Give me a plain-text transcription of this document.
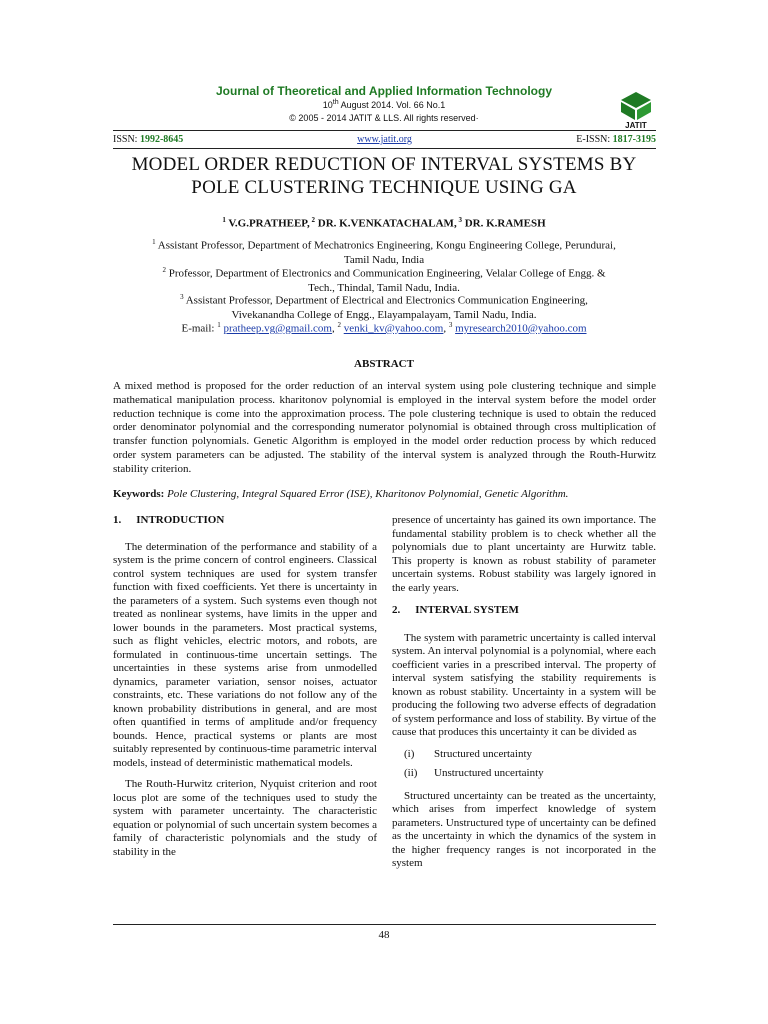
Journal of Theoretical and Applied Information Technology
10th August 2014. Vol. 66 No.1
© 2005 - 2014 JATIT & LLS. All rights reserved·
JATIT
ISSN: 1992-8645	www.jatit.org	E-ISSN: 1817-3195
MODEL ORDER REDUCTION OF INTERVAL SYSTEMS BY
POLE CLUSTERING TECHNIQUE USING GA
$^1$ V.G.PRATHEEP, $^2$ DR. K.VENKATACHALAM, $^3$ DR. K.RAMESH
$^1$ Assistant Professor, Department of Mechatronics Engineering, Kongu Engineering College, Perundurai,
Tamil Nadu, India
$^2$ Professor, Department of Electronics and Communication Engineering, Velalar College of Engg. &
Tech., Thindal, Tamil Nadu, India.
$^3$ Assistant Professor, Department of Electrical and Electronics Communication Engineering,
Vivekanandha College of Engg., Elayampalayam, Tamil Nadu, India.
E-mail: $^1$ pratheep.vg@gmail.com, $^2$ venki_kv@yahoo.com, $^3$ myresearch2010@yahoo.com
ABSTRACT
A mixed method is proposed for the order reduction of an interval system using pole clustering technique and simple mathematical manipulation process. kharitonov polynomial is employed in the interval system before the model order reduction technique is come into the approximation process. The pole clustering technique is used to obtain the reduced order denominator polynomial and the corresponding numerator polynomial is obtained through cross multiplication of transfer function polynomials. Genetic Algorithm is employed in the model order reduction process by which reduced order system parameters can be adjusted. The stability of the interval system is analyzed through the Routh-Hurwitz stability criterion.
Keywords: Pole Clustering, Integral Squared Error (ISE), Kharitonov Polynomial, Genetic Algorithm.
1. INTRODUCTION

The determination of the performance and stability of a system is the prime concern of control engineers. Classical control system techniques are used for system transfer function with fixed coefficients. Yet there is uncertainty in the parameters of a system. Such systems even though not treated as nonlinear systems, have limits in the upper and lower bounds in the parameters. Most practical systems, such as flight vehicles, electric motors, and robots, are formulated in continuous-time uncertain settings. The uncertainties in these systems arise from unmodelled dynamics, parameter variation, sensor noises, actuator constraints, etc. These variations do not follow any of the known probability distributions in general, and are most often quantified in terms of amplitude and/or frequency bounds. Hence, practical systems or plants are most suitably represented by continuous-time parametric interval models, instead of deterministic mathematical models.

The Routh-Hurwitz criterion, Nyquist criterion and root locus plot are some of the techniques used to study the system with parameter uncertainty. The characteristic equation or polynomial of such uncertain system becomes a family of characteristic polynomials and the study of stability in the

presence of uncertainty has gained its own importance. The fundamental stability problem is to check whether all the polynomials due to plant uncertainty are Hurwitz table. This property is known as robust stability of parameter uncertain systems. Robust stability was largely ignored in the early years.

2. INTERVAL SYSTEM

The system with parametric uncertainty is called interval system. An interval polynomial is a polynomial, where each coefficient varies in a prescribed interval. The property of interval system satisfying the stability requirements is known as robust stability. Uncertainty in a system will be producing the following two adverse effects of degradation of system performance and loss of stability. By virtue of the cause that produces this uncertainty it can be divided as

(i) Structured uncertainty
(ii) Unstructured uncertainty

Structured uncertainty can be treated as the uncertainty, which arises from imperfect knowledge of system parameters. Unstructured type of uncertainty can be defined as the uncertainty in which the dynamics of the system in the higher frequency ranges is not incorporated in the system

48
